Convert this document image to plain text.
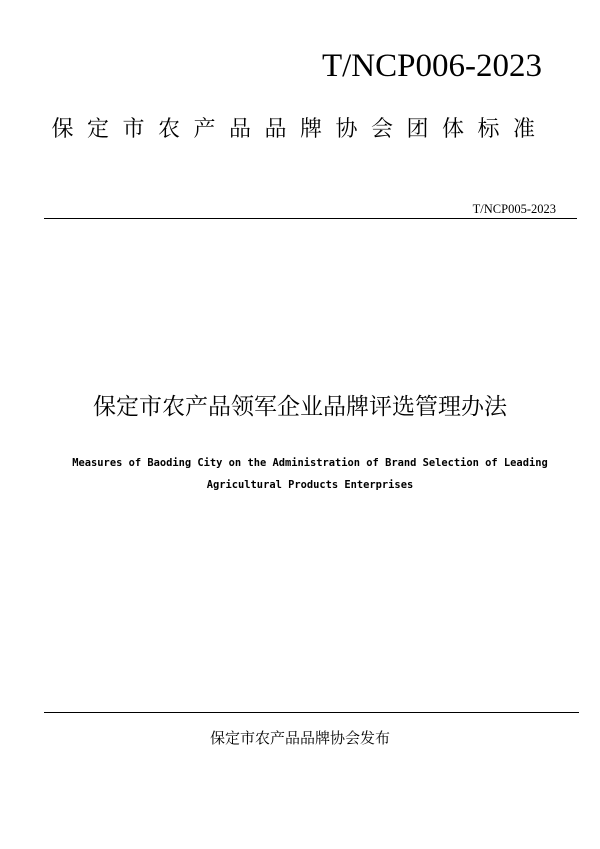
T/NCP006-2023
保定市农产品品牌协会团体标准
T/NCP005-2023
保定市农产品领军企业品牌评选管理办法
Measures of Baoding City on the Administration of Brand Selection of Leading Agricultural Products Enterprises
保定市农产品品牌协会发布
